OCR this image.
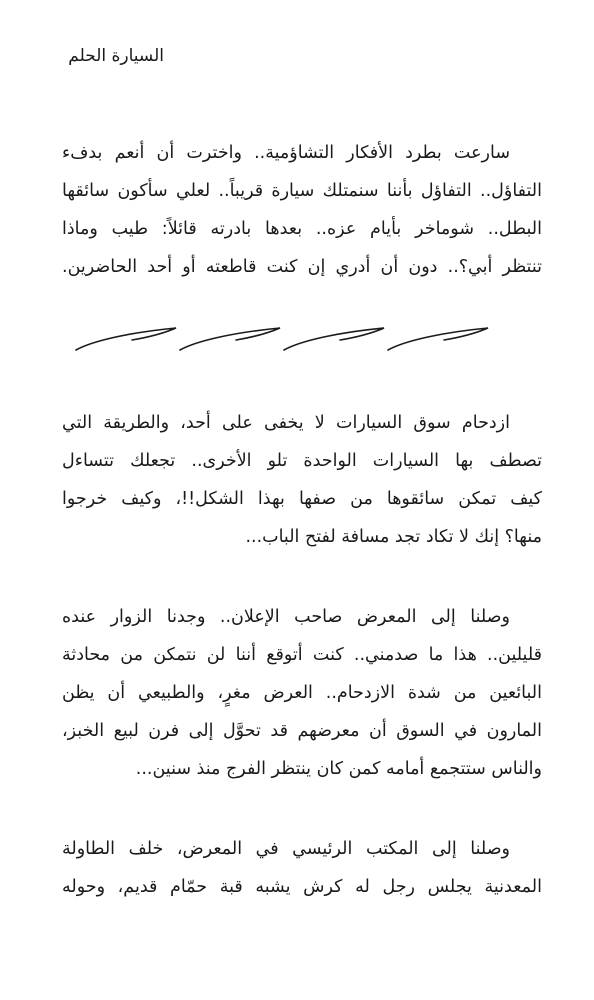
السيارة الحلم
سارعت بطرد الأفكار التشاؤمية.. واخترت أن أنعم بدفء
التفاؤل.. التفاؤل بأننا سنمتلك سيارة قريباً.. لعلي سأكون سائقها
البطل.. شوماخر بأيام عزه.. بعدها بادرته قائلاً: طيب وماذا
تنتظر أبي؟.. دون أن أدري إن كنت قاطعته أو أحد الحاضرين.
ازدحام سوق السيارات لا يخفى على أحد، والطريقة التي
تصطف بها السيارات الواحدة تلو الأخرى.. تجعلك تتساءل
كيف تمكن سائقوها من صفها بهذا الشكل!!، وكيف خرجوا
منها؟ إنك لا تكاد تجد مسافة لفتح الباب...
وصلنا إلى المعرض صاحب الإعلان.. وجدنا الزوار عنده
قليلين.. هذا ما صدمني.. كنت أتوقع أننا لن نتمكن من محادثة
البائعين من شدة الازدحام.. العرض مغرٍ، والطبيعي أن يظن
المارون في السوق أن معرضهم قد تحوَّل إلى فرن لبيع الخبز،
والناس ستتجمع أمامه كمن كان ينتظر الفرج منذ سنين...
وصلنا إلى المكتب الرئيسي في المعرض، خلف الطاولة
المعدنية يجلس رجل له كرش يشبه قبة حمّام قديم، وحوله
